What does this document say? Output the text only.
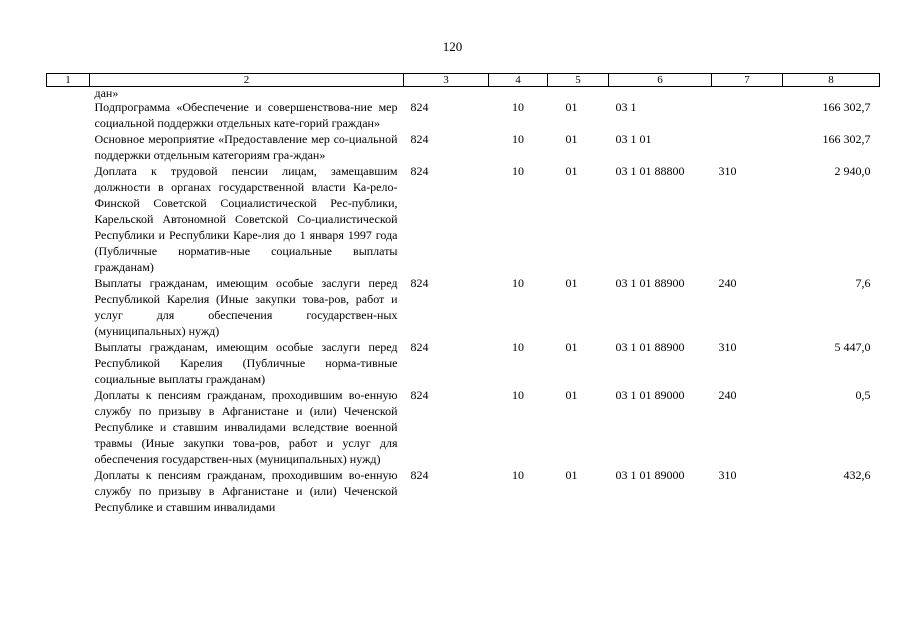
120
1	2	3	4	5	6	7	8
	дан»						
	Подпрограмма «Обеспечение и совершенствова-ние мер социальной поддержки отдельных кате-горий граждан»	824	10	01	03 1		166 302,7
	Основное мероприятие «Предоставление мер со-циальной поддержки отдельным категориям гра-ждан»	824	10	01	03 1 01		166 302,7
	Доплата к трудовой пенсии лицам, замещавшим должности в органах государственной власти Ка-рело-Финской Советской Социалистической Рес-публики, Карельской Автономной Советской Со-циалистической Республики и Республики Каре-лия до 1 января 1997 года (Публичные норматив-ные социальные выплаты гражданам)	824	10	01	03 1 01 88800	310	2 940,0
	Выплаты гражданам, имеющим особые заслуги перед Республикой Карелия (Иные закупки това-ров, работ и услуг для обеспечения государствен-ных (муниципальных) нужд)	824	10	01	03 1 01 88900	240	7,6
	Выплаты гражданам, имеющим особые заслуги перед Республикой Карелия (Публичные норма-тивные социальные выплаты гражданам)	824	10	01	03 1 01 88900	310	5 447,0
	Доплаты к пенсиям гражданам, проходившим во-енную службу по призыву в Афганистане и (или) Чеченской Республике и ставшим инвалидами вследствие военной травмы (Иные закупки това-ров, работ и услуг для обеспечения государствен-ных (муниципальных) нужд)	824	10	01	03 1 01 89000	240	0,5
	Доплаты к пенсиям гражданам, проходившим во-енную службу по призыву в Афганистане и (или) Чеченской Республике и ставшим инвалидами	824	10	01	03 1 01 89000	310	432,6
